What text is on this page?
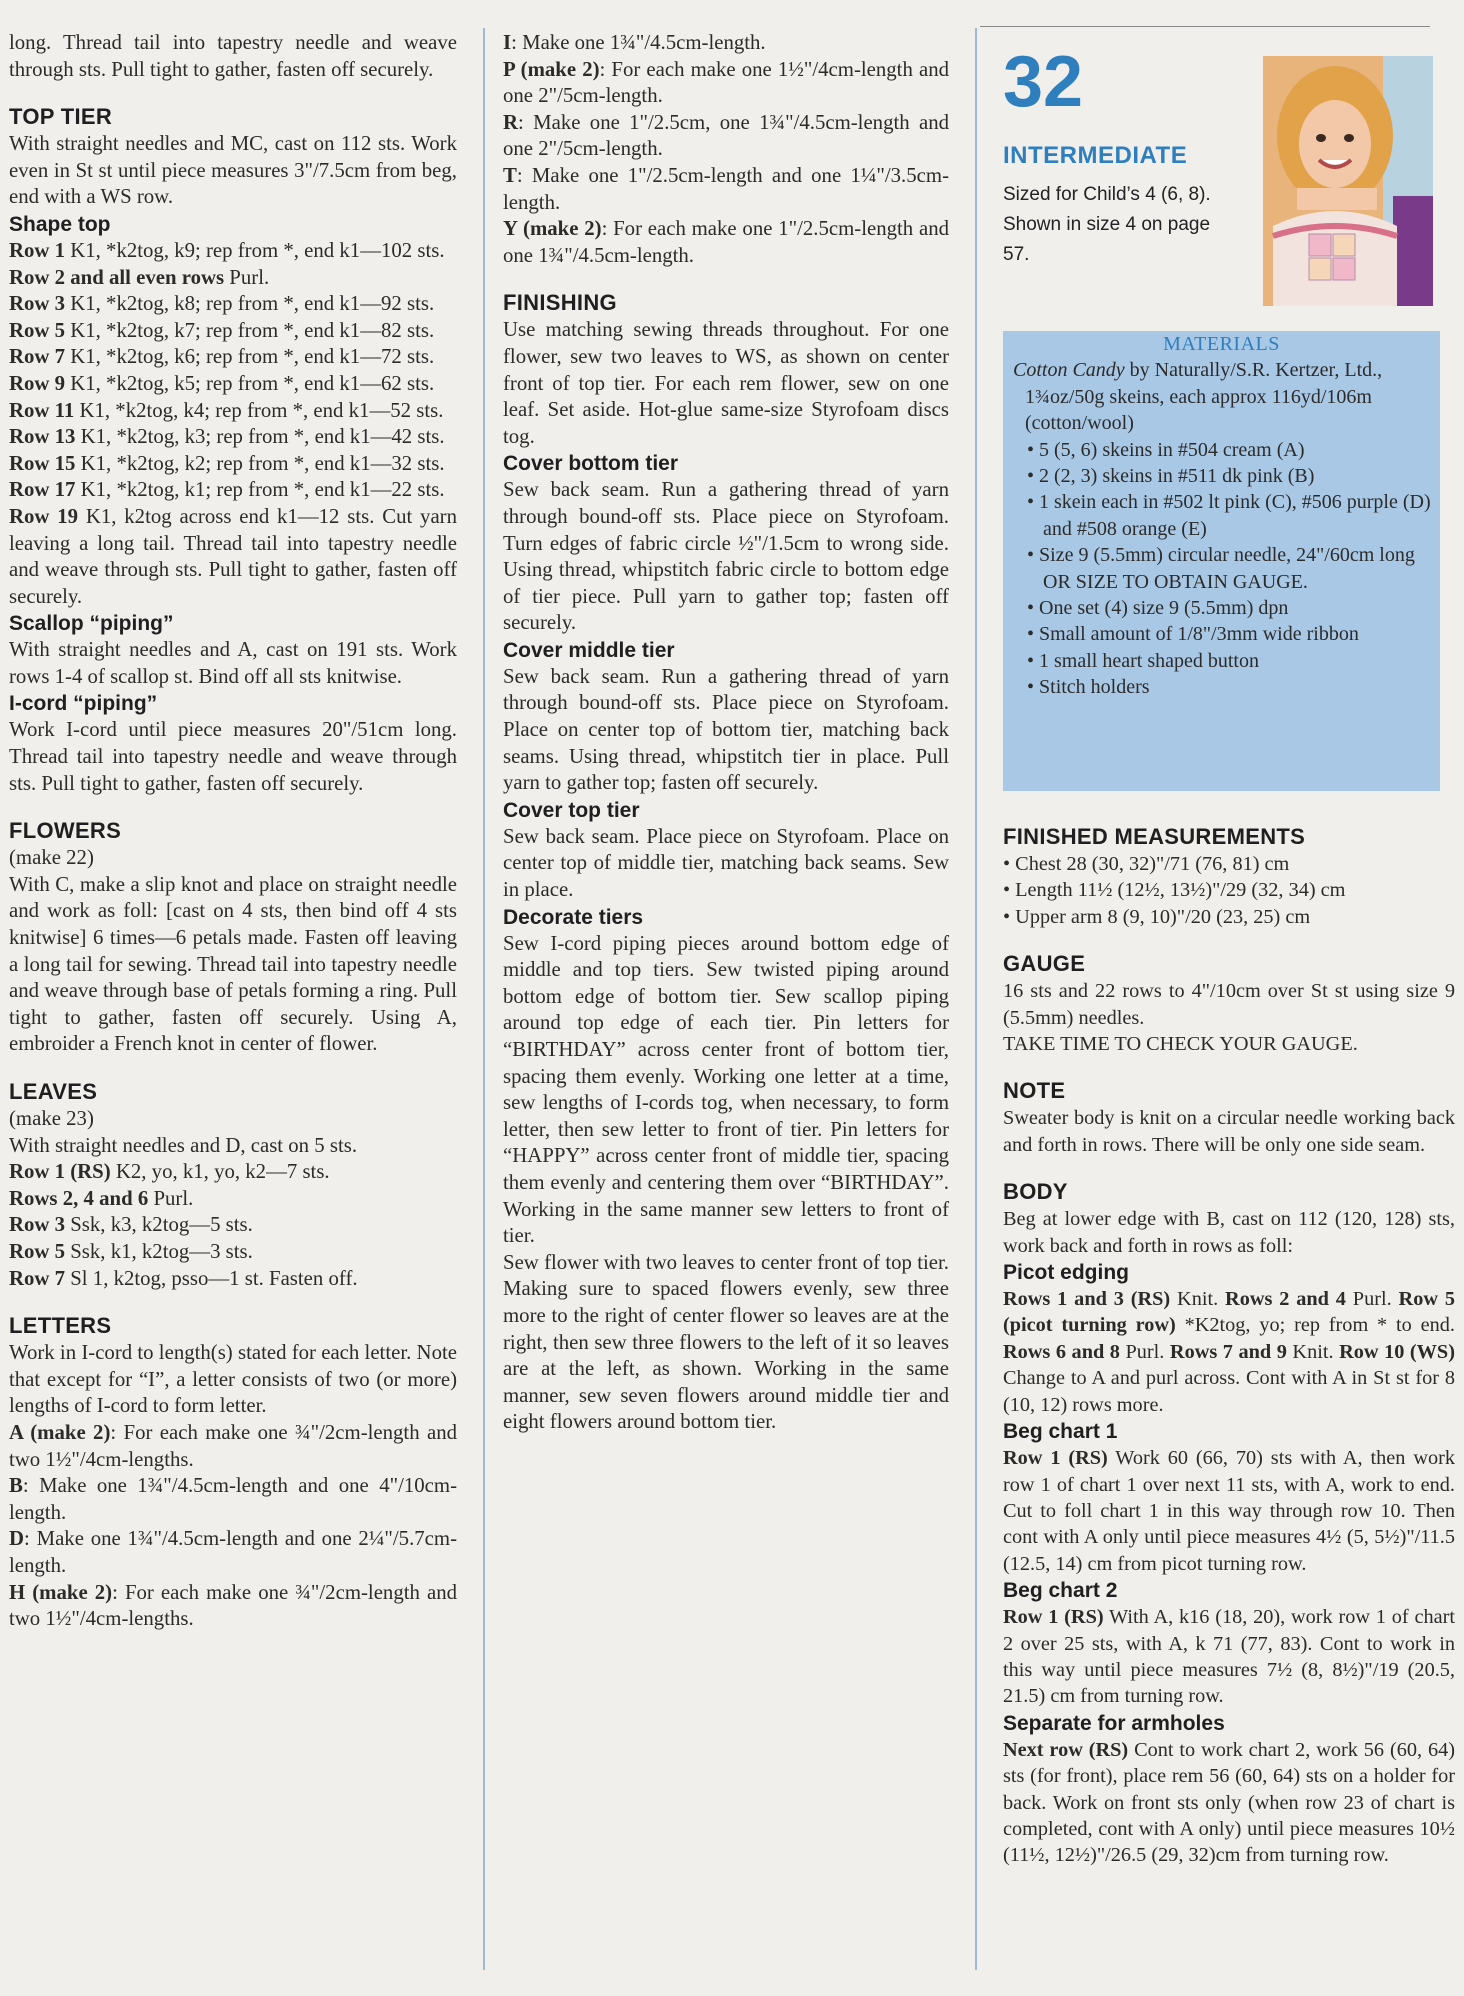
long. Thread tail into tapestry needle and weave through sts. Pull tight to gather, fasten off securely.

TOP TIER

With straight needles and MC, cast on 112 sts. Work even in St st until piece measures 3"/7.5cm from beg, end with a WS row.

Shape top

Row 1 K1, *k2tog, k9; rep from *, end k1—102 sts.

Row 2 and all even rows Purl.

Row 3 K1, *k2tog, k8; rep from *, end k1—92 sts.

Row 5 K1, *k2tog, k7; rep from *, end k1—82 sts.

Row 7 K1, *k2tog, k6; rep from *, end k1—72 sts.

Row 9 K1, *k2tog, k5; rep from *, end k1—62 sts.

Row 11 K1, *k2tog, k4; rep from *, end k1—52 sts.

Row 13 K1, *k2tog, k3; rep from *, end k1—42 sts.

Row 15 K1, *k2tog, k2; rep from *, end k1—32 sts.

Row 17 K1, *k2tog, k1; rep from *, end k1—22 sts.

Row 19 K1, k2tog across end k1—12 sts. Cut yarn leaving a long tail. Thread tail into tapestry needle and weave through sts. Pull tight to gather, fasten off securely.

Scallop “piping”

With straight needles and A, cast on 191 sts. Work rows 1-4 of scallop st. Bind off all sts knitwise.

I-cord “piping”

Work I-cord until piece measures 20"/51cm long. Thread tail into tapestry needle and weave through sts. Pull tight to gather, fasten off securely.

FLOWERS

(make 22)

With C, make a slip knot and place on straight needle and work as foll: [cast on 4 sts, then bind off 4 sts knitwise] 6 times—6 petals made. Fasten off leaving a long tail for sewing. Thread tail into tapestry needle and weave through base of petals forming a ring. Pull tight to gather, fasten off securely. Using A, embroider a French knot in center of flower.

LEAVES

(make 23)

With straight needles and D, cast on 5 sts.

Row 1 (RS) K2, yo, k1, yo, k2—7 sts.

Rows 2, 4 and 6 Purl.

Row 3 Ssk, k3, k2tog—5 sts.

Row 5 Ssk, k1, k2tog—3 sts.

Row 7 Sl 1, k2tog, psso—1 st. Fasten off.

LETTERS

Work in I-cord to length(s) stated for each letter. Note that except for “I”, a letter consists of two (or more) lengths of I-cord to form letter.

A (make 2): For each make one ¾"/2cm-length and two 1½"/4cm-lengths.

B: Make one 1¾"/4.5cm-length and one 4"/10cm-length.

D: Make one 1¾"/4.5cm-length and one 2¼"/5.7cm-length.

H (make 2): For each make one ¾"/2cm-length and two 1½"/4cm-lengths.

I: Make one 1¾"/4.5cm-length.

P (make 2): For each make one 1½"/4cm-length and one 2"/5cm-length.

R: Make one 1"/2.5cm, one 1¾"/4.5cm-length and one 2"/5cm-length.

T: Make one 1"/2.5cm-length and one 1¼"/3.5cm-length.

Y (make 2): For each make one 1"/2.5cm-length and one 1¾"/4.5cm-length.

FINISHING

Use matching sewing threads throughout. For one flower, sew two leaves to WS, as shown on center front of top tier. For each rem flower, sew on one leaf. Set aside. Hot-glue same-size Styrofoam discs tog.

Cover bottom tier

Sew back seam. Run a gathering thread of yarn through bound-off sts. Place piece on Styrofoam. Turn edges of fabric circle ½"/1.5cm to wrong side. Using thread, whipstitch fabric circle to bottom edge of tier piece. Pull yarn to gather top; fasten off securely.

Cover middle tier

Sew back seam. Run a gathering thread of yarn through bound-off sts. Place piece on Styrofoam. Place on center top of bottom tier, matching back seams. Using thread, whipstitch tier in place. Pull yarn to gather top; fasten off securely.

Cover top tier

Sew back seam. Place piece on Styrofoam. Place on center top of middle tier, matching back seams. Sew in place.

Decorate tiers

Sew I-cord piping pieces around bottom edge of middle and top tiers. Sew twisted piping around bottom edge of bottom tier. Sew scallop piping around top edge of each tier. Pin letters for “BIRTHDAY” across center front of bottom tier, spacing them evenly. Working one letter at a time, sew lengths of I-cords tog, when necessary, to form letter, then sew letter to front of tier. Pin letters for “HAPPY” across center front of middle tier, spacing them evenly and centering them over “BIRTHDAY”. Working in the same manner sew letters to front of tier.

Sew flower with two leaves to center front of top tier. Making sure to spaced flowers evenly, sew three more to the right of center flower so leaves are at the right, then sew three flowers to the left of it so leaves are at the left, as shown. Working in the same manner, sew seven flowers around middle tier and eight flowers around bottom tier.

32

INTERMEDIATE

Sized for Child’s 4 (6, 8). Shown in size 4 on page 57.

MATERIALS

Cotton Candy by Naturally/S.R. Kertzer, Ltd., 1¾oz/50g skeins, each approx 116yd/106m (cotton/wool)

• 5 (5, 6) skeins in #504 cream (A)
• 2 (2, 3) skeins in #511 dk pink (B)
• 1 skein each in #502 lt pink (C), #506 purple (D) and #508 orange (E)
• Size 9 (5.5mm) circular needle, 24"/60cm long OR SIZE TO OBTAIN GAUGE.
• One set (4) size 9 (5.5mm) dpn
• Small amount of 1/8"/3mm wide ribbon
• 1 small heart shaped button
• Stitch holders

FINISHED MEASUREMENTS

• Chest 28 (30, 32)"/71 (76, 81) cm

• Length 11½ (12½, 13½)"/29 (32, 34) cm

• Upper arm 8 (9, 10)"/20 (23, 25) cm

GAUGE

16 sts and 22 rows to 4"/10cm over St st using size 9 (5.5mm) needles.

TAKE TIME TO CHECK YOUR GAUGE.

NOTE

Sweater body is knit on a circular needle working back and forth in rows. There will be only one side seam.

BODY

Beg at lower edge with B, cast on 112 (120, 128) sts, work back and forth in rows as foll:

Picot edging

Rows 1 and 3 (RS) Knit. Rows 2 and 4 Purl. Row 5 (picot turning row) *K2tog, yo; rep from * to end. Rows 6 and 8 Purl. Rows 7 and 9 Knit. Row 10 (WS) Change to A and purl across. Cont with A in St st for 8 (10, 12) rows more.

Beg chart 1

Row 1 (RS) Work 60 (66, 70) sts with A, then work row 1 of chart 1 over next 11 sts, with A, work to end. Cut to foll chart 1 in this way through row 10. Then cont with A only until piece measures 4½ (5, 5½)"/11.5 (12.5, 14) cm from picot turning row.

Beg chart 2

Row 1 (RS) With A, k16 (18, 20), work row 1 of chart 2 over 25 sts, with A, k 71 (77, 83). Cont to work in this way until piece measures 7½ (8, 8½)"/19 (20.5, 21.5) cm from turning row.

Separate for armholes

Next row (RS) Cont to work chart 2, work 56 (60, 64) sts (for front), place rem 56 (60, 64) sts on a holder for back. Work on front sts only (when row 23 of chart is completed, cont with A only) until piece measures 10½ (11½, 12½)"/26.5 (29, 32)cm from turning row.
